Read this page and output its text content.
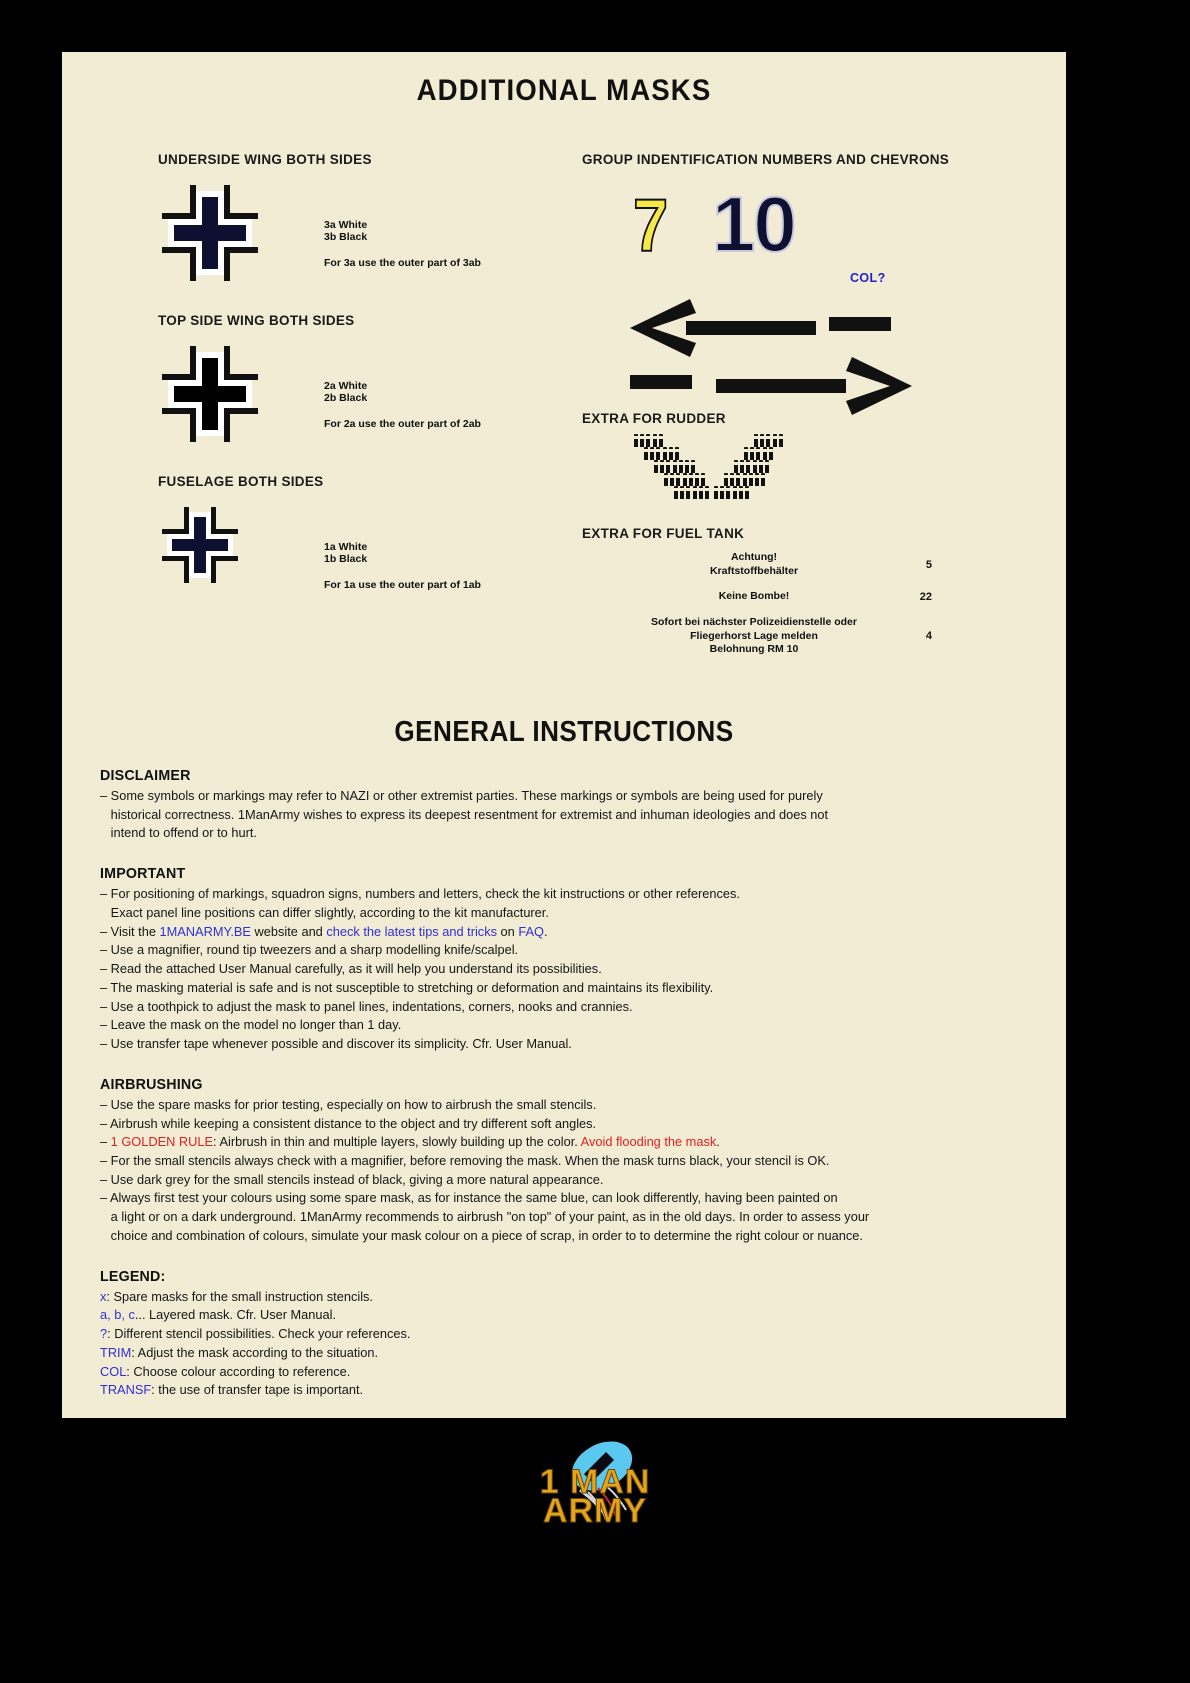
ADDITIONAL MASKS
UNDERSIDE WING BOTH SIDES
3a White
3b Black
For 3a use the outer part of 3ab
TOP SIDE WING BOTH SIDES
2a White
2b Black
For 2a use the outer part of 2ab
FUSELAGE BOTH SIDES
1a White
1b Black
For 1a use the outer part of 1ab
GROUP INDENTIFICATION NUMBERS AND CHEVRONS
7 10
COL?
EXTRA FOR RUDDER
EXTRA FOR FUEL TANK
Achtung!
Kraftstoffbehälter	5
Keine Bombe!	22
Sofort bei nächster Polizeidienstelle oder
Fliegerhorst Lage melden
Belohnung RM 10
4
GENERAL INSTRUCTIONS
DISCLAIMER

– Some symbols or markings may refer to NAZI or other extremist parties. These markings or symbols are being used for purely

historical correctness. 1ManArmy wishes to express its deepest resentment for extremist and inhuman ideologies and does not

intend to offend or to hurt.

IMPORTANT

– For positioning of markings, squadron signs, numbers and letters, check the kit instructions or other references.

Exact panel line positions can differ slightly, according to the kit manufacturer.

– Visit the 1MANARMY.BE website and check the latest tips and tricks on FAQ.

– Use a magnifier, round tip tweezers and a sharp modelling knife/scalpel.

– Read the attached User Manual carefully, as it will help you understand its possibilities.

– The masking material is safe and is not susceptible to stretching or deformation and maintains its flexibility.

– Use a toothpick to adjust the mask to panel lines, indentations, corners, nooks and crannies.

– Leave the mask on the model no longer than 1 day.

– Use transfer tape whenever possible and discover its simplicity. Cfr. User Manual.

AIRBRUSHING

– Use the spare masks for prior testing, especially on how to airbrush the small stencils.

– Airbrush while keeping a consistent distance to the object and try different soft angles.

– 1 GOLDEN RULE: Airbrush in thin and multiple layers, slowly building up the color. Avoid flooding the mask.

– For the small stencils always check with a magnifier, before removing the mask. When the mask turns black, your stencil is OK.

– Use dark grey for the small stencils instead of black, giving a more natural appearance.

– Always first test your colours using some spare mask, as for instance the same blue, can look differently, having been painted on

a light or on a dark underground. 1ManArmy recommends to airbrush "on top" of your paint, as in the old days. In order to assess your

choice and combination of colours, simulate your mask colour on a piece of scrap, in order to to determine the right colour or nuance.

LEGEND:

x: Spare masks for the small instruction stencils.

a, b, c... Layered mask. Cfr. User Manual.

?: Different stencil possibilities. Check your references.

TRIM: Adjust the mask according to the situation.

COL: Choose colour according to reference.

TRANSF: the use of transfer tape is important.

1 MAN
ARMY
